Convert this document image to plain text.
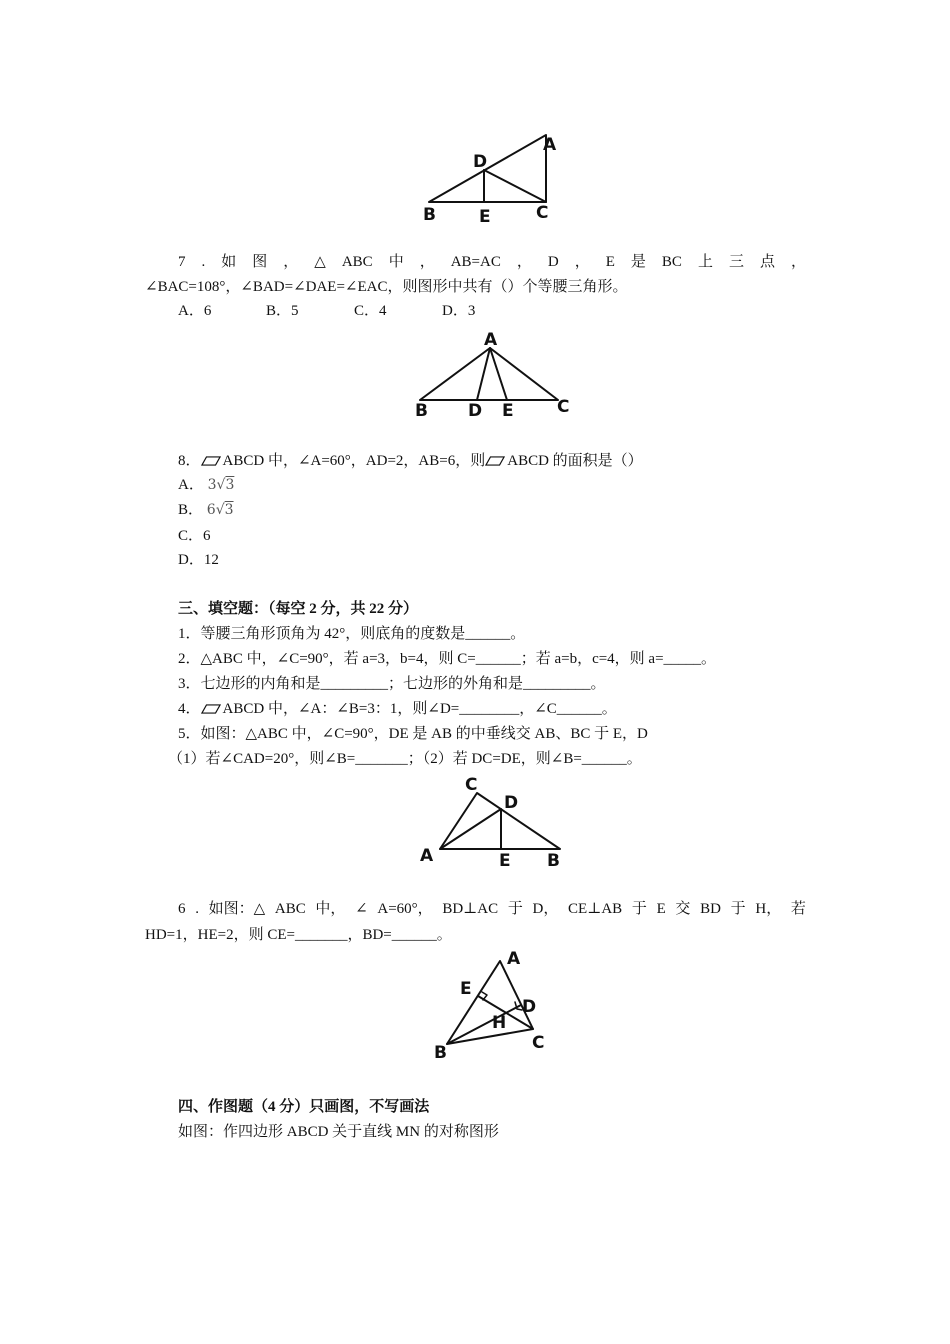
A
D
B	E	C
7 . 如 图 ， △ ABC 中 ， AB=AC ， D ， E 是 BC 上 三 点 ，
∠BAC=108°，∠BAD=∠DAE=∠EAC，则图形中共有（）个等腰三角形。
A．6	B．5	C．4	D．3
A
B D E	C
8． ABCD 中，∠A=60°，AD=2，AB=6，则 ABCD 的面积是（）
A． 3√3
B． 6√3
C．6
D．12
三、填空题：（每空 2 分，共 22 分）
1．等腰三角形顶角为 42°，则底角的度数是______。
2．△ABC 中，∠C=90°，若 a=3，b=4，则 C=______；若 a=b，c=4，则 a=_____。
3．七边形的内角和是_________；七边形的外角和是_________。
4． ABCD 中，∠A：∠B=3：1，则∠D=________，∠C______。
5．如图：△ABC 中，∠C=90°，DE 是 AB 的中垂线交 AB、BC 于 E，D
（1）若∠CAD=20°，则∠B=_______；（2）若 DC=DE，则∠B=______。
C
D
A	E B
6 . 如图：△ ABC 中， ∠ A=60°， BD⊥AC 于 D， CE⊥AB 于 E 交 BD 于 H， 若
HD=1，HE=2，则 CE=_______，BD=______。
A
E
D
H
B	C
四、作图题（4 分）只画图，不写画法
如图：作四边形 ABCD 关于直线 MN 的对称图形
